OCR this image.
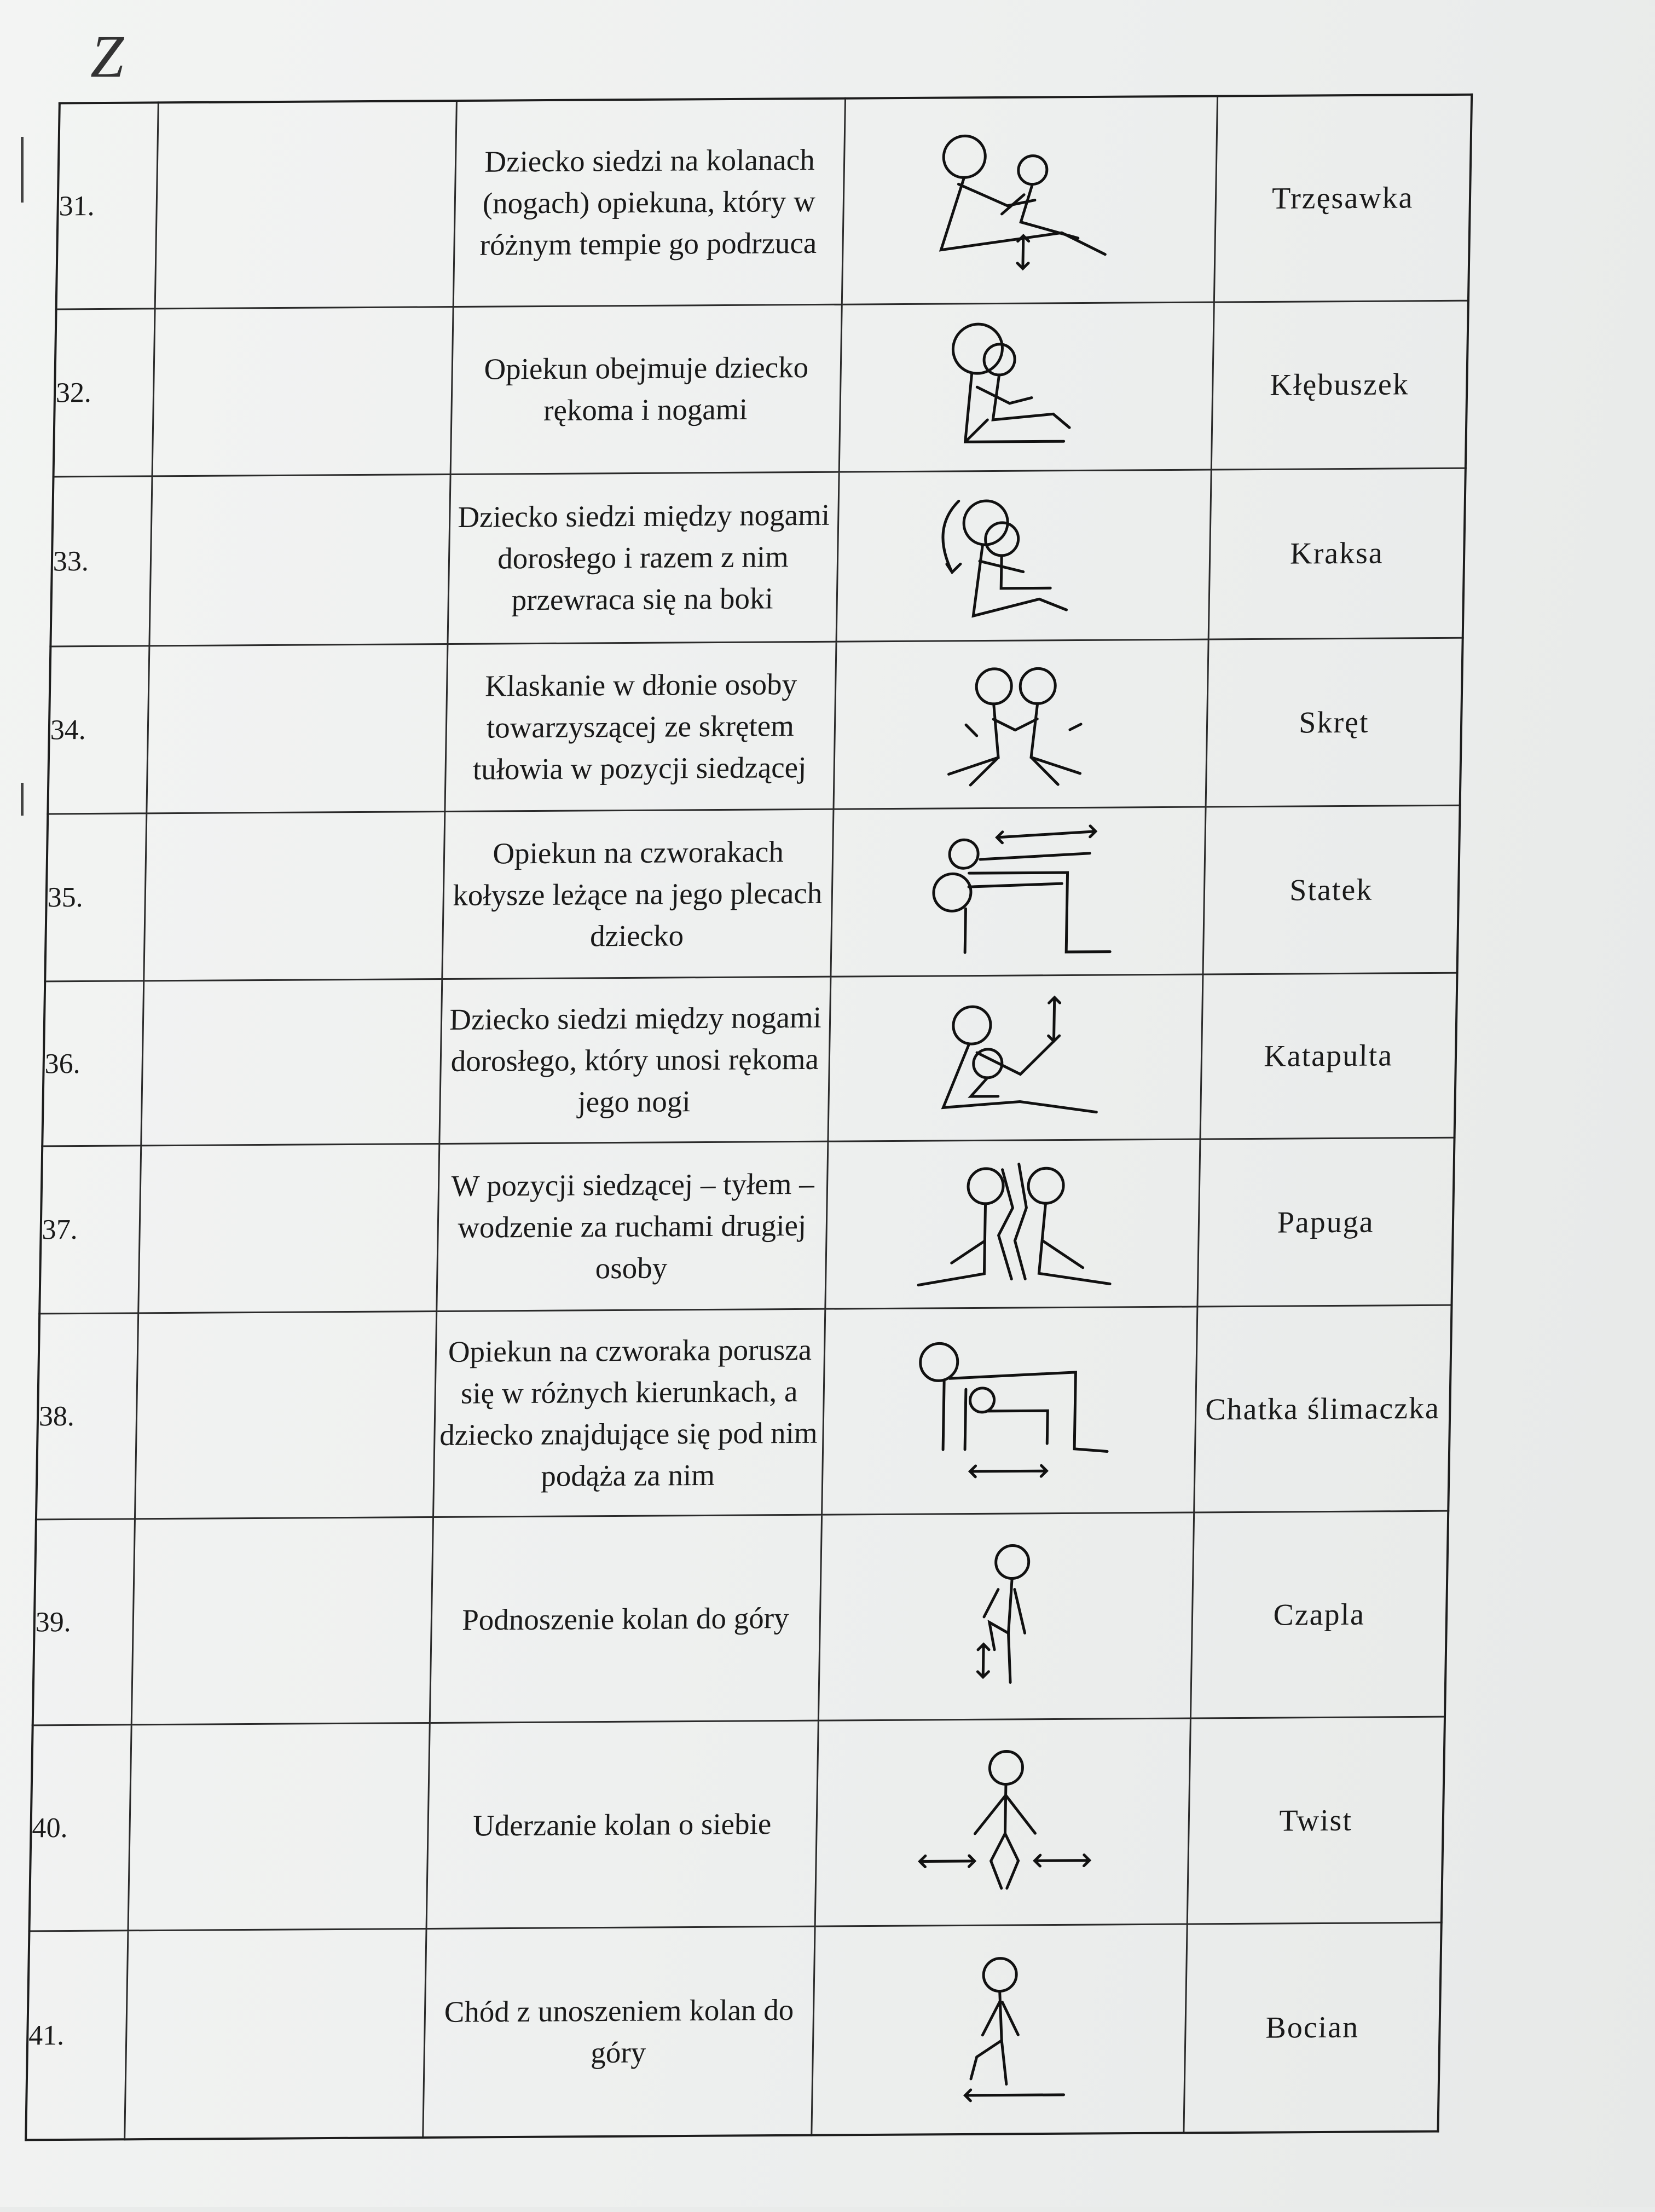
Z
31.		Dziecko siedzi na kolanach (nogach) opiekuna, który w różnym tempie go podrzuca		Trzęsawka
32.		Opiekun obejmuje dziecko rękoma i nogami		Kłębuszek
33.		Dziecko siedzi między nogami dorosłego i razem z nim przewraca się na boki		Kraksa
34.		Klaskanie w dłonie osoby towarzyszącej ze skrętem tułowia w pozycji siedzącej		Skręt
35.		Opiekun na czworakach kołysze leżące na jego plecach dziecko		Statek
36.		Dziecko siedzi między nogami dorosłego, który unosi rękoma jego nogi		Katapulta
37.		W pozycji siedzącej – tyłem – wodzenie za ruchami drugiej osoby		Papuga
38.		Opiekun na czworaka porusza się w różnych kierunkach, a dziecko znajdujące się pod nim podąża za nim		Chatka ślimaczka
39.		Podnoszenie kolan do góry		Czapla
40.		Uderzanie kolan o siebie		Twist
41.		Chód z unoszeniem kolan do góry		Bocian
